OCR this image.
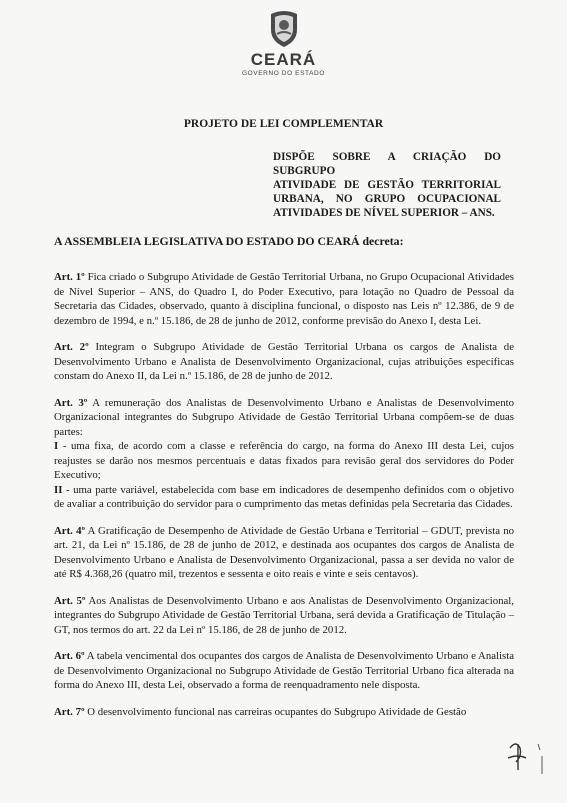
CEARÁ
GOVERNO DO ESTADO
PROJETO DE LEI COMPLEMENTAR
DISPÕE SOBRE A CRIAÇÃO DO SUBGRUPO
ATIVIDADE DE GESTÃO TERRITORIAL
URBANA, NO GRUPO OCUPACIONAL
ATIVIDADES DE NÍVEL SUPERIOR – ANS.
A ASSEMBLEIA LEGISLATIVA DO ESTADO DO CEARÁ decreta:

Art. 1º Fica criado o Subgrupo Atividade de Gestão Territorial Urbana, no Grupo Ocupacional Atividades de Nível Superior – ANS, do Quadro I, do Poder Executivo, para lotação no Quadro de Pessoal da Secretaria das Cidades, observado, quanto à disciplina funcional, o disposto nas Leis nº 12.386, de 9 de dezembro de 1994, e n.º 15.186, de 28 de junho de 2012, conforme previsão do Anexo I, desta Lei.

Art. 2º Integram o Subgrupo Atividade de Gestão Territorial Urbana os cargos de Analista de Desenvolvimento Urbano e Analista de Desenvolvimento Organizacional, cujas atribuições específicas constam do Anexo II, da Lei n.º 15.186, de 28 de junho de 2012.

Art. 3º A remuneração dos Analistas de Desenvolvimento Urbano e Analistas de Desenvolvimento Organizacional integrantes do Subgrupo Atividade de Gestão Territorial Urbana compõem-se de duas partes:
I - uma fixa, de acordo com a classe e referência do cargo, na forma do Anexo III desta Lei, cujos reajustes se darão nos mesmos percentuais e datas fixados para revisão geral dos servidores do Poder Executivo;
II - uma parte variável, estabelecida com base em indicadores de desempenho definidos com o objetivo de avaliar a contribuição do servidor para o cumprimento das metas definidas pela Secretaria das Cidades.

Art. 4º A Gratificação de Desempenho de Atividade de Gestão Urbana e Territorial – GDUT, prevista no art. 21, da Lei nº 15.186, de 28 de junho de 2012, e destinada aos ocupantes dos cargos de Analista de Desenvolvimento Urbano e Analista de Desenvolvimento Organizacional, passa a ser devida no valor de até R$ 4.368,26 (quatro mil, trezentos e sessenta e oito reais e vinte e seis centavos).

Art. 5º Aos Analistas de Desenvolvimento Urbano e aos Analistas de Desenvolvimento Organizacional, integrantes do Subgrupo Atividade de Gestão Territorial Urbana, será devida a Gratificação de Titulação – GT, nos termos do art. 22 da Lei nº 15.186, de 28 de junho de 2012.

Art. 6º A tabela vencimental dos ocupantes dos cargos de Analista de Desenvolvimento Urbano e Analista de Desenvolvimento Organizacional no Subgrupo Atividade de Gestão Territorial Urbano fica alterada na forma do Anexo III, desta Lei, observado a forma de reenquadramento nele disposta.

Art. 7º O desenvolvimento funcional nas carreiras ocupantes do Subgrupo Atividade de Gestão
